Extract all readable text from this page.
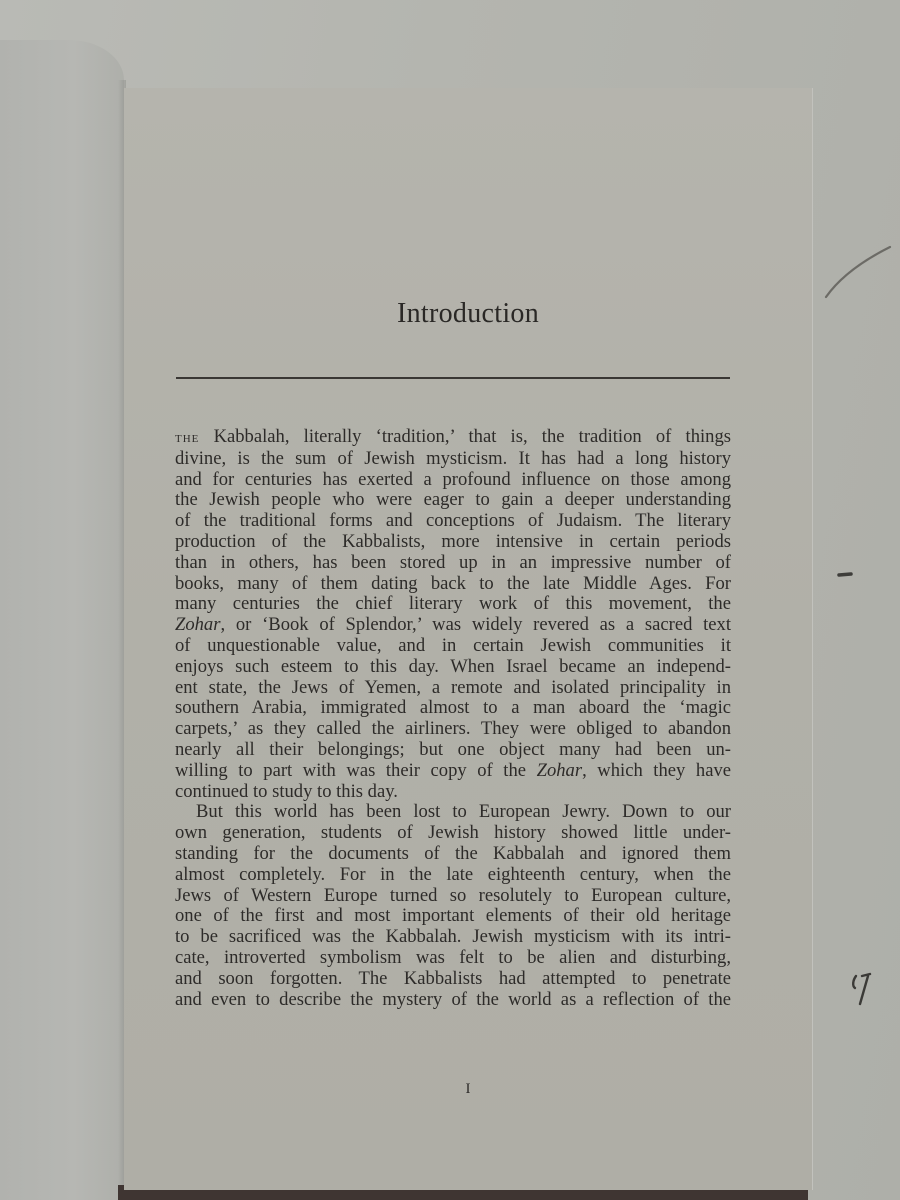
Introduction
the Kabbalah, literally ‘tradition,’ that is, the tradition of things
divine, is the sum of Jewish mysticism. It has had a long history
and for centuries has exerted a profound influence on those among
the Jewish people who were eager to gain a deeper understanding
of the traditional forms and conceptions of Judaism. The literary
production of the Kabbalists, more intensive in certain periods
than in others, has been stored up in an impressive number of
books, many of them dating back to the late Middle Ages. For
many centuries the chief literary work of this movement, the
Zohar, or ‘Book of Splendor,’ was widely revered as a sacred text
of unquestionable value, and in certain Jewish communities it
enjoys such esteem to this day. When Israel became an independ-
ent state, the Jews of Yemen, a remote and isolated principality in
southern Arabia, immigrated almost to a man aboard the ‘magic
carpets,’ as they called the airliners. They were obliged to abandon
nearly all their belongings; but one object many had been un-
willing to part with was their copy of the Zohar, which they have
continued to study to this day.
But this world has been lost to European Jewry. Down to our
own generation, students of Jewish history showed little under-
standing for the documents of the Kabbalah and ignored them
almost completely. For in the late eighteenth century, when the
Jews of Western Europe turned so resolutely to European culture,
one of the first and most important elements of their old heritage
to be sacrificed was the Kabbalah. Jewish mysticism with its intri-
cate, introverted symbolism was felt to be alien and disturbing,
and soon forgotten. The Kabbalists had attempted to penetrate
and even to describe the mystery of the world as a reflection of the
I
